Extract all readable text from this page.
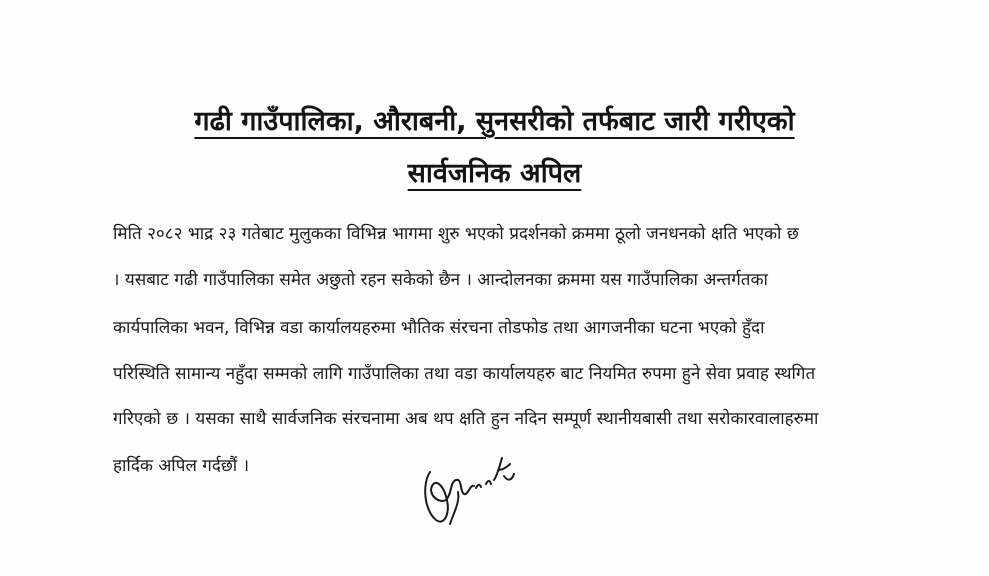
गढी गाउँपालिका, औराबनी, सुनसरीको तर्फबाट जारी गरीएको
सार्वजनिक अपिल
मिति २०८२ भाद्र २३ गतेबाट मुलुकका विभिन्न भागमा शुरु भएको प्रदर्शनको क्रममा ठूलो जनधनको क्षति भएको छ
। यसबाट गढी गाउँपालिका समेत अछुतो रहन सकेको छैन । आन्दोलनका क्रममा यस गाउँपालिका अन्तर्गतका
कार्यपालिका भवन, विभिन्न वडा कार्यालयहरुमा भौतिक संरचना तोडफोड तथा आगजनीका घटना भएको हुँदा
परिस्थिति सामान्य नहुँदा सम्मको लागि गाउँपालिका तथा वडा कार्यालयहरु बाट नियमित रुपमा हुने सेवा प्रवाह स्थगित
गरिएको छ । यसका साथै सार्वजनिक संरचनामा अब थप क्षति हुन नदिन सम्पूर्ण स्थानीयबासी तथा सरोकारवालाहरुमा
हार्दिक अपिल गर्दछौं ।
